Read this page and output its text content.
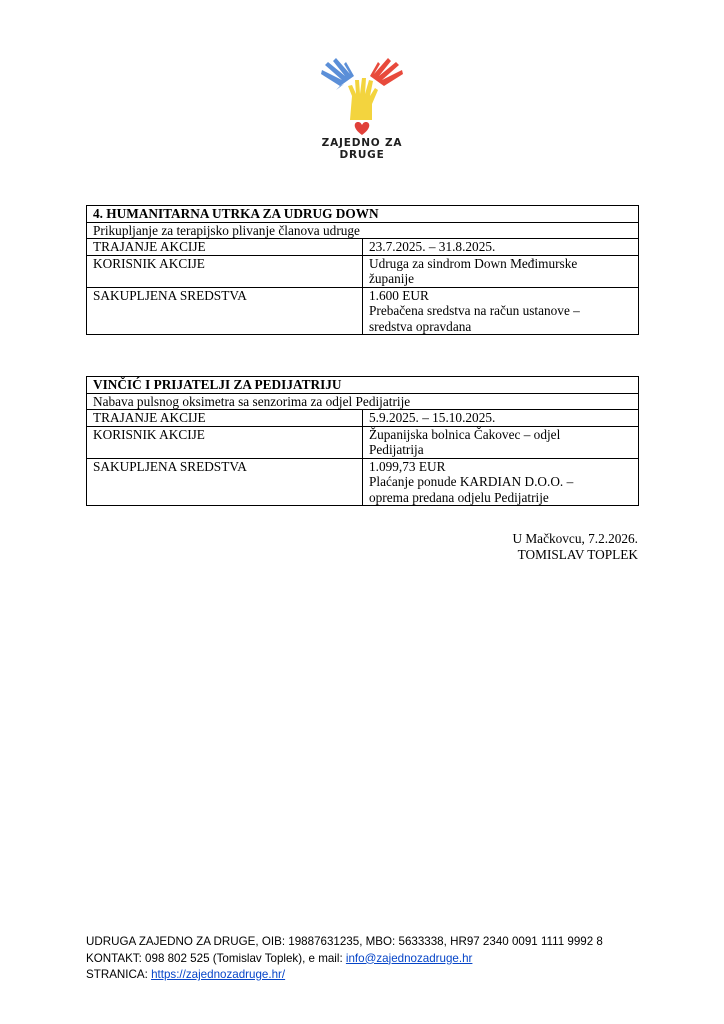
ZAJEDNO ZA DRUGE
4. HUMANITARNA UTRKA ZA UDRUG DOWN	
Prikupljanje za terapijsko plivanje članova udruge	
TRAJANJE AKCIJE	23.7.2025. – 31.8.2025.

KORISNIK AKCIJE	Udruga za sindrom Down Međimurske
županije

SAKUPLJENA SREDSTVA	1.600 EUR
Prebačena sredstva na račun ustanove –
sredstva opravdana
VINČIĆ I PRIJATELJI ZA PEDIJATRIJU	
Nabava pulsnog oksimetra sa senzorima za odjel Pedijatrije	
TRAJANJE AKCIJE	5.9.2025. – 15.10.2025.

KORISNIK AKCIJE	Županijska bolnica Čakovec – odjel
Pedijatrija

SAKUPLJENA SREDSTVA	1.099,73 EUR
Plaćanje ponude KARDIAN D.O.O. –
oprema predana odjelu Pedijatrije
U Mačkovcu, 7.2.2026.
TOMISLAV TOPLEK
UDRUGA ZAJEDNO ZA DRUGE, OIB: 19887631235, MBO: 5633338, HR97 2340 0091 1111 9992 8
KONTAKT: 098 802 525 (Tomislav Toplek), e mail: info@zajednozadruge.hr
STRANICA: https://zajednozadruge.hr/
